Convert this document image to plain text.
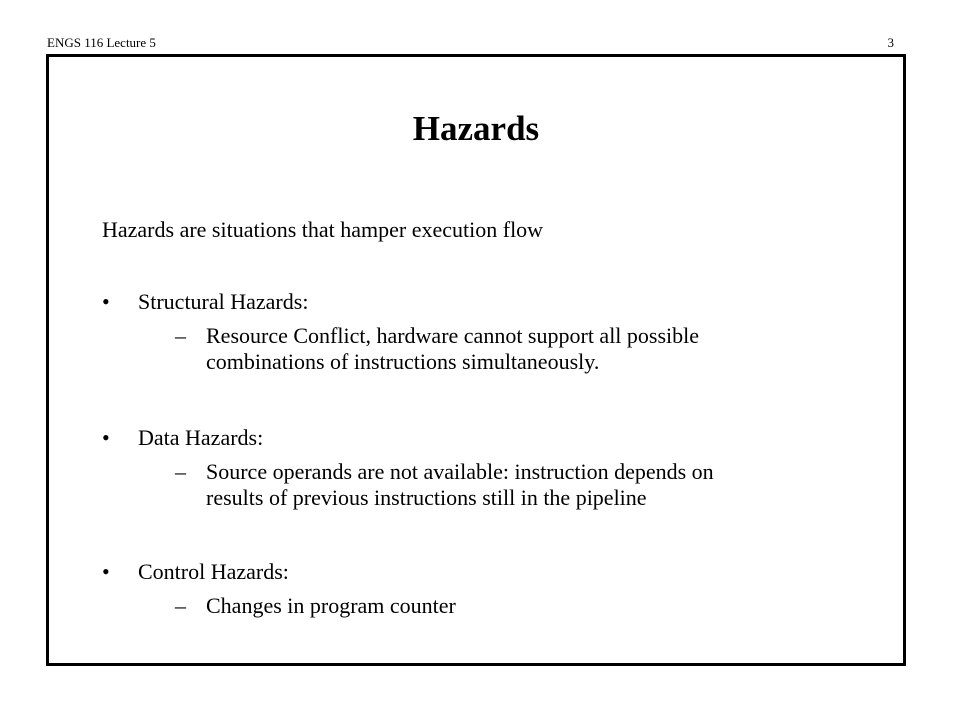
ENGS 116 Lecture 5	3
Hazards
Hazards are situations that hamper execution flow
• Structural Hazards:
– Resource Conflict, hardware cannot support all possible
combinations of instructions simultaneously.
• Data Hazards:
– Source operands are not available: instruction depends on
results of previous instructions still in the pipeline
• Control Hazards:
– Changes in program counter
